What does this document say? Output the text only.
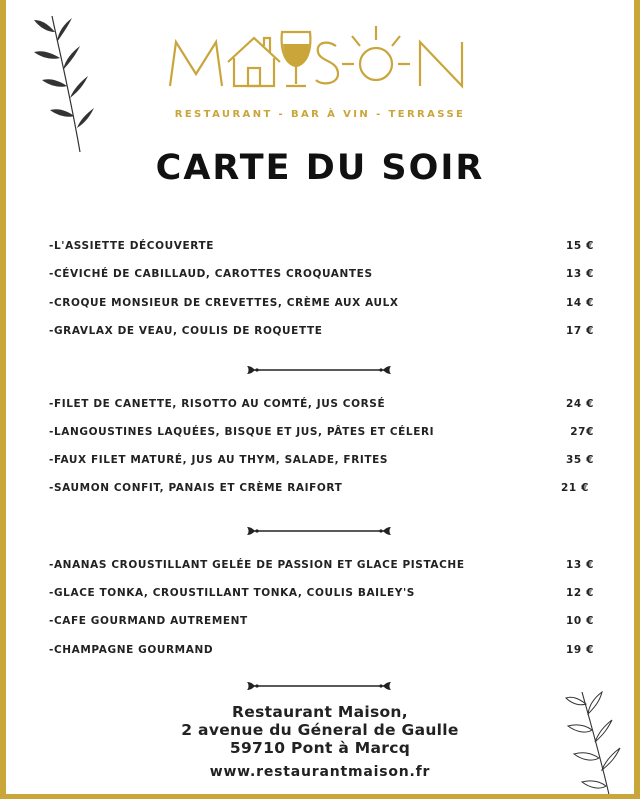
RESTAURANT - BAR À VIN - TERRASSE
CARTE DU SOIR
-L'ASSIETTE DÉCOUVERTE	15 €
-CÉVICHÉ DE CABILLAUD, CAROTTES CROQUANTES	13 €
-CROQUE MONSIEUR DE CREVETTES, CRÈME AUX AULX	14 €
-GRAVLAX DE VEAU, COULIS DE ROQUETTE	17 €
-FILET DE CANETTE, RISOTTO AU COMTÉ, JUS CORSÉ	24 €
-LANGOUSTINES LAQUÉES, BISQUE ET JUS, PÂTES ET CÉLERI	27€
-FAUX FILET MATURÉ, JUS AU THYM, SALADE, FRITES	35 €
-SAUMON CONFIT, PANAIS ET CRÈME RAIFORT	21 €
-ANANAS CROUSTILLANT GELÉE DE PASSION ET GLACE PISTACHE	13 €
-GLACE TONKA, CROUSTILLANT TONKA, COULIS BAILEY'S	12 €
-CAFE GOURMAND AUTREMENT	10 €
-CHAMPAGNE GOURMAND	19 €
Restaurant Maison,
2 avenue du Géneral de Gaulle
59710 Pont à Marcq
www.restaurantmaison.fr
